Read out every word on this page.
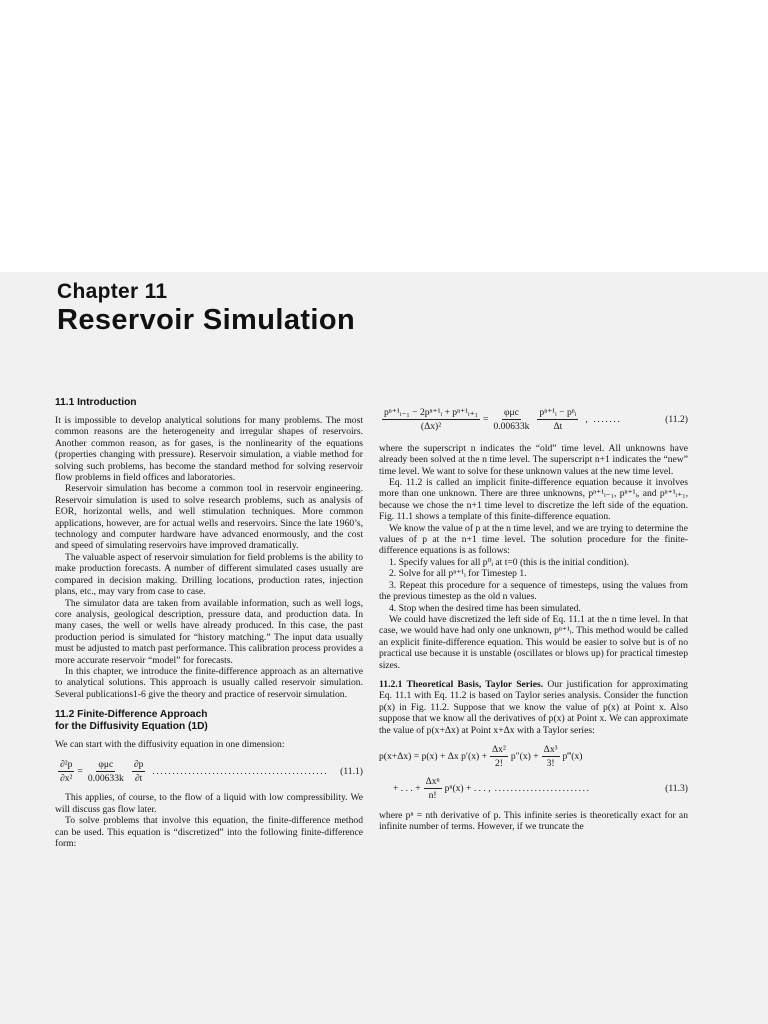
Chapter 11
Reservoir Simulation
11.1 Introduction

It is impossible to develop analytical solutions for many problems. The most common reasons are the heterogeneity and irregular shapes of reservoirs. Another common reason, as for gases, is the nonlinearity of the equations (properties changing with pressure). Reservoir simulation, a viable method for solving such problems, has become the standard method for solving reservoir flow problems in field offices and laboratories.

Reservoir simulation has become a common tool in reservoir engineering. Reservoir simulation is used to solve research problems, such as analysis of EOR, horizontal wells, and well stimulation techniques. More common applications, however, are for actual wells and reservoirs. Since the late 1960’s, technology and computer hardware have advanced enormously, and the cost and speed of simulating reservoirs have improved dramatically.

The valuable aspect of reservoir simulation for field problems is the ability to make production forecasts. A number of different simulated cases usually are compared in decision making. Drilling locations, production rates, injection plans, etc., may vary from case to case.

The simulator data are taken from available information, such as well logs, core analysis, geological description, pressure data, and production data. In many cases, the well or wells have already produced. In this case, the past production period is simulated for “history matching.” The input data usually must be adjusted to match past performance. This calibration process provides a more accurate reservoir “model” for forecasts.

In this chapter, we introduce the finite-difference approach as an alternative to analytical solutions. This approach is usually called reservoir simulation. Several publications1-6 give the theory and practice of reservoir simulation.

11.2 Finite-Difference Approach
for the Diffusivity Equation (1D)

We can start with the diffusivity equation in one dimension:

$\frac{\text{∂²p}}{\text{∂x²}} = \frac{\text{φμc}}{0.00633k} \frac{\partial p}{\partial t}$ ............................................	(11.1)

This applies, of course, to the flow of a liquid with low compressibility. We will discuss gas flow later.

To solve problems that involve this equation, the finite-difference method can be used. This equation is “discretized” into the following finite-difference form:

$\frac{\text{pⁿ⁺¹ᵢ₋₁ − 2pⁿ⁺¹ᵢ + pⁿ⁺¹ᵢ₊₁}}{\text{(Δx)²}} = \frac{\text{φμc}}{0.00633k} \frac{\text{pⁿ⁺¹ᵢ − pⁿᵢ}}{\Delta t}$ , .......	(11.2)

where the superscript n indicates the “old” time level. All unknowns have already been solved at the n time level. The superscript n+1 indicates the “new” time level. We want to solve for these unknown values at the new time level.

Eq. 11.2 is called an implicit finite-difference equation because it involves more than one unknown. There are three unknowns, pⁿ⁺¹ᵢ₋₁, pⁿ⁺¹ᵢ, and pⁿ⁺¹ᵢ₊₁, because we chose the n+1 time level to discretize the left side of the equation. Fig. 11.1 shows a template of this finite-difference equation.

We know the value of p at the n time level, and we are trying to determine the values of p at the n+1 time level. The solution procedure for the finite-difference equations is as follows:

1. Specify values for all p⁰ᵢ at t=0 (this is the initial condition).

2. Solve for all pⁿ⁺¹ᵢ for Timestep 1.

3. Repeat this procedure for a sequence of timesteps, using the values from the previous timestep as the old n values.

4. Stop when the desired time has been simulated.

We could have discretized the left side of Eq. 11.1 at the n time level. In that case, we would have had only one unknown, pⁿ⁺¹ᵢ. This method would be called an explicit finite-difference equation. This would be easier to solve but is of no practical use because it is unstable (oscillates or blows up) for practical timestep sizes.

11.2.1 Theoretical Basis, Taylor Series. Our justification for approximating Eq. 11.1 with Eq. 11.2 is based on Taylor series analysis. Consider the function p(x) in Fig. 11.2. Suppose that we know the value of p(x) at Point x. Also suppose that we know all the derivatives of p(x) at Point x. We can approximate the value of p(x+Δx) at Point x+Δx with a Taylor series:

p(x+Δx) = p(x) + Δx $p'(x) + \frac{\text{Δx²}}{2!} p''(x) + \frac{\text{Δx³}}{3!}$ p‴(x)
+ . . . + $\frac{\text{Δxⁿ}}{n!} p^n(x)$ + . . . , ........................	(11.3)

where pⁿ = nth derivative of p. This infinite series is theoretically exact for an infinite number of terms. However, if we truncate the
